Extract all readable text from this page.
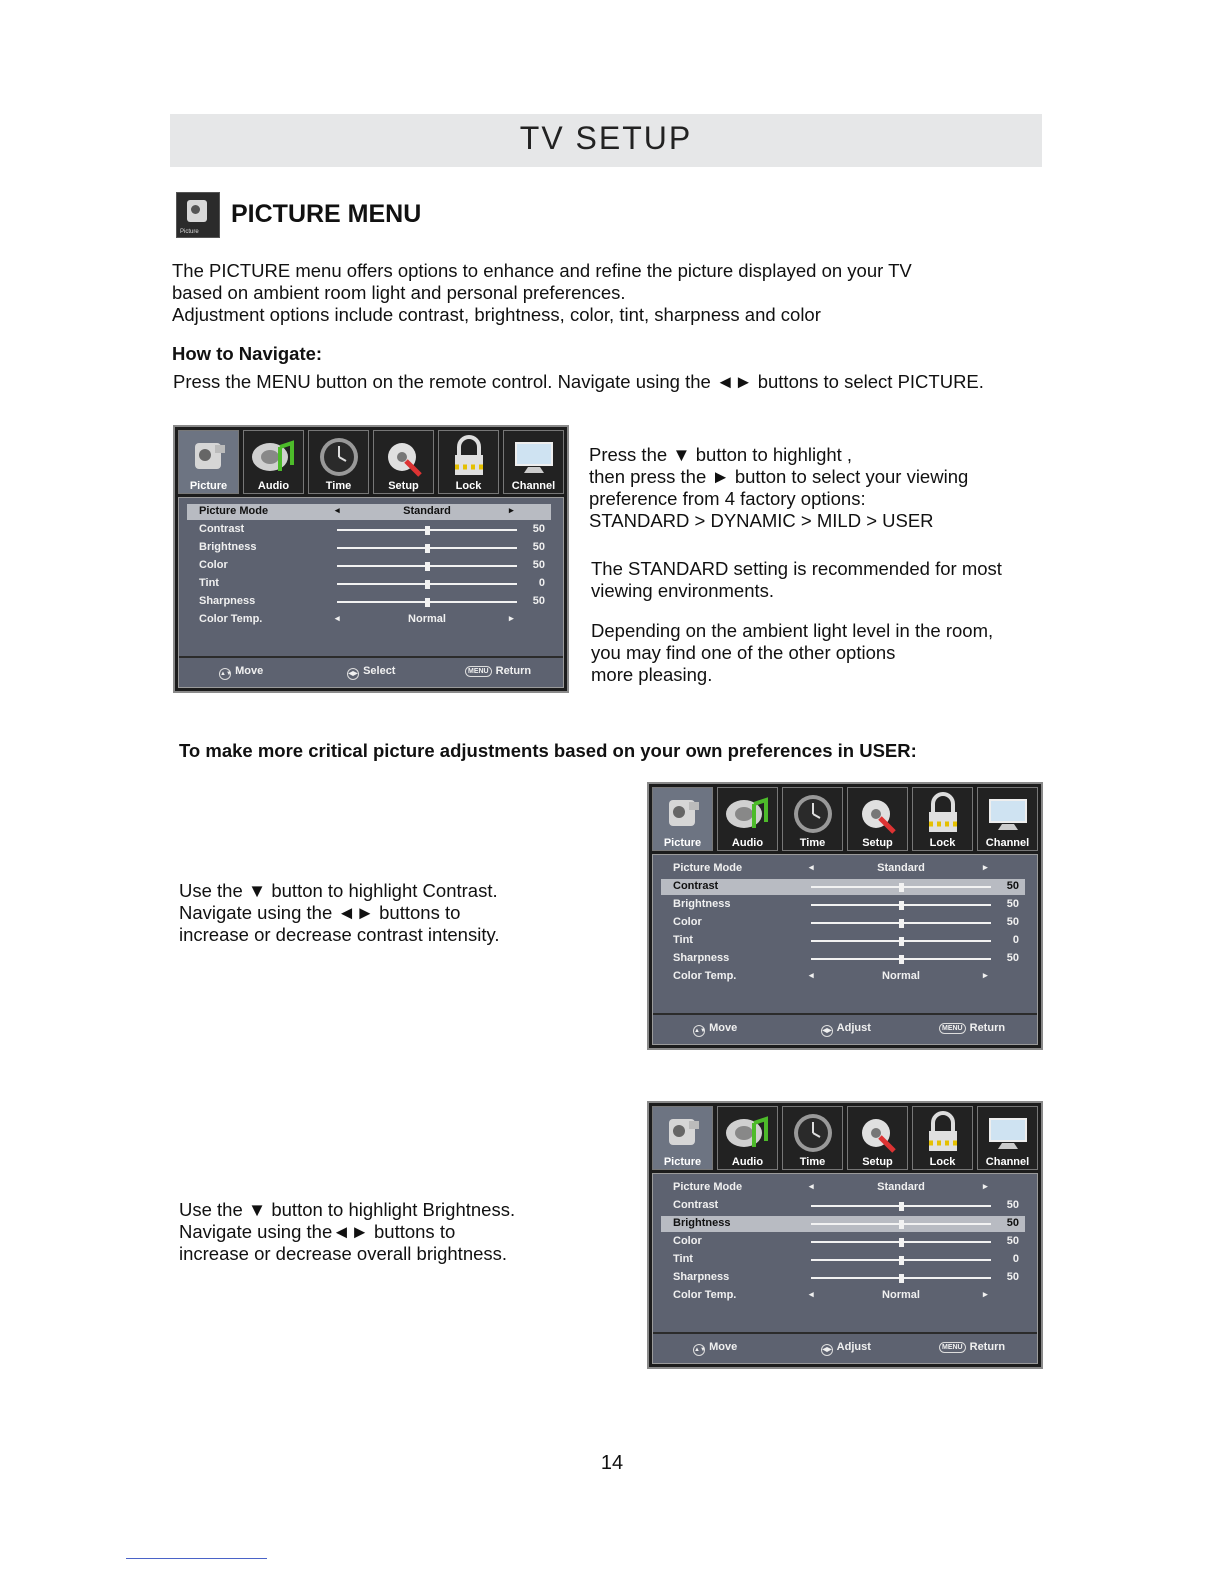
TV SETUP
Picture
PICTURE MENU
The PICTURE menu offers options to enhance and refine the picture displayed on your TV
based on ambient room light and personal preferences.
Adjustment options include contrast, brightness, color, tint, sharpness and color
How to Navigate:
Press the MENU button on the remote control. Navigate using the ◄► buttons to select PICTURE.
Press the ▼ button to highlight ,
then press the ► button to select your viewing
preference from 4 factory options:
STANDARD > DYNAMIC > MILD > USER
The STANDARD setting is recommended for most
viewing environments.
Depending on the ambient light level in the room,
you may find one of the other options
more pleasing.
To make more critical picture adjustments based on your own preferences in USER:
Use the ▼ button to highlight Contrast.
Navigate using the ◄► buttons to
increase or decrease contrast intensity.
Use the ▼ button to highlight Brightness.
Navigate using the◄► buttons to
increase or decrease overall brightness.
Picture	Audio	Time	Setup	Lock	Channel
Picture Mode	◂	Standard	▸
Contrast	50
Brightness	50
Color	50
Tint	0
Sharpness	50
Color Temp.	◂	Normal	▸
▲▼ Move	◀▶ Select	MENU Return
Picture	Audio	Time	Setup	Lock	Channel
Picture Mode	◂	Standard	▸
Contrast	50
Brightness	50
Color	50
Tint	0
Sharpness	50
Color Temp.	◂	Normal	▸
▲▼ Move	◀▶ Adjust	MENU Return
Picture	Audio	Time	Setup	Lock	Channel
Picture Mode	◂	Standard	▸
Contrast	50
Brightness	50
Color	50
Tint	0
Sharpness	50
Color Temp.	◂	Normal	▸
▲▼ Move	◀▶ Adjust	MENU Return
14
